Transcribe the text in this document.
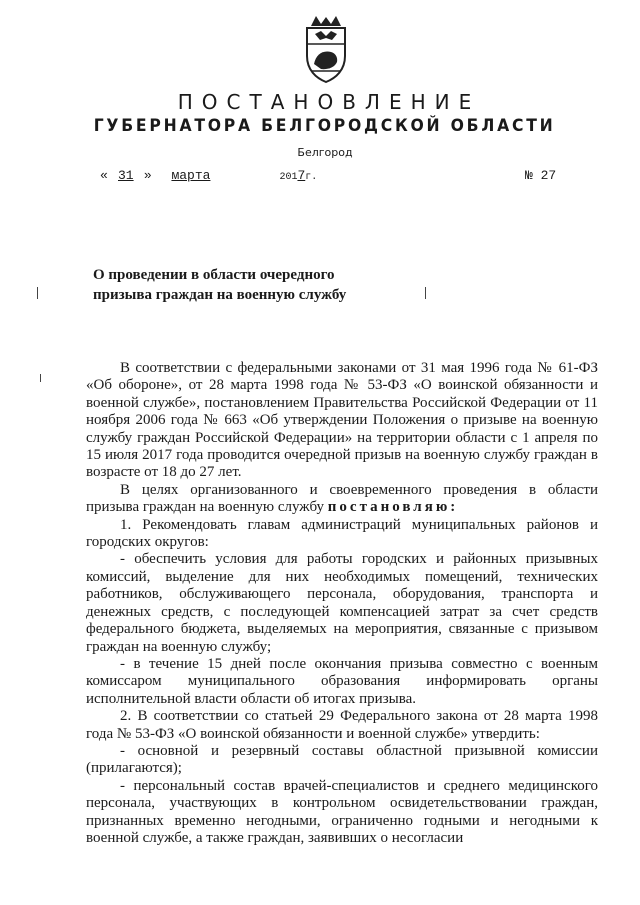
ПОСТАНОВЛЕНИЕ
ГУБЕРНАТОРА БЕЛГОРОДСКОЙ ОБЛАСТИ
Белгород
« 31 » марта	2017г.	№ 27
О проведении в области очередного
призыва граждан на военную службу

В соответствии с федеральными законами от 31 мая 1996 года № 61-ФЗ «Об обороне», от 28 марта 1998 года № 53-ФЗ «О воинской обязанности и военной службе», постановлением Правительства Российской Федерации от 11 ноября 2006 года № 663 «Об утверждении Положения о призыве на военную службу граждан Российской Федерации» на территории области с 1 апреля по 15 июля 2017 года проводится очередной призыв на военную службу граждан в возрасте от 18 до 27 лет.

В целях организованного и своевременного проведения в области призыва граждан на военную службу постановляю:

1. Рекомендовать главам администраций муниципальных районов и городских округов:

- обеспечить условия для работы городских и районных призывных комиссий, выделение для них необходимых помещений, технических работников, обслуживающего персонала, оборудования, транспорта и денежных средств, с последующей компенсацией затрат за счет средств федерального бюджета, выделяемых на мероприятия, связанные с призывом граждан на военную службу;

- в течение 15 дней после окончания призыва совместно с военным комиссаром муниципального образования информировать органы исполнительной власти области об итогах призыва.

2. В соответствии со статьей 29 Федерального закона от 28 марта 1998 года № 53-ФЗ «О воинской обязанности и военной службе» утвердить:

- основной и резервный составы областной призывной комиссии (прилагаются);

- персональный состав врачей-специалистов и среднего медицинского персонала, участвующих в контрольном освидетельствовании граждан, признанных временно негодными, ограниченно годными и негодными к военной службе, а также граждан, заявивших о несогласии
